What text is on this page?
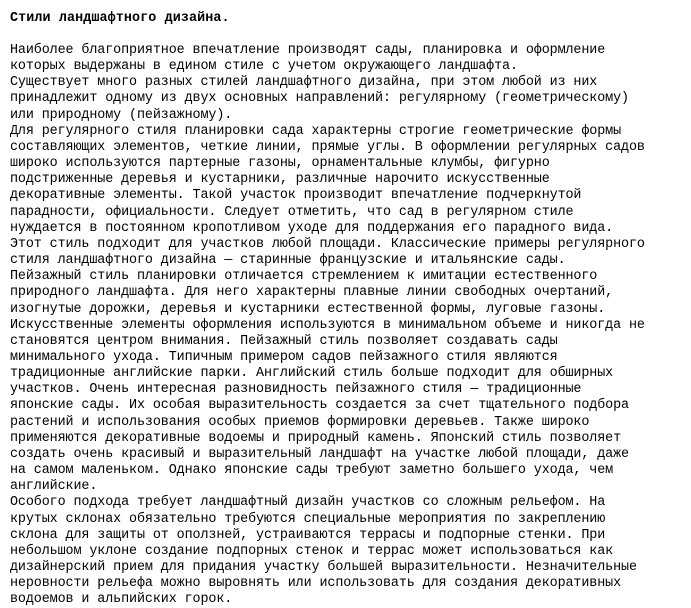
Стили ландшафтного дизайна.
Наиболее благоприятное впечатление производят сады, планировка и оформление
которых выдержаны в едином стиле с учетом окружающего ландшафта.
Существует много разных стилей ландшафтного дизайна, при этом любой из них
принадлежит одному из двух основных направлений: регулярному (геометрическому)
или природному (пейзажному).
Для регулярного стиля планировки сада характерны строгие геометрические формы
составляющих элементов, четкие линии, прямые углы. В оформлении регулярных садов
широко используются партерные газоны, орнаментальные клумбы, фигурно
подстриженные деревья и кустарники, различные нарочито искусственные
декоративные элементы. Такой участок производит впечатление подчеркнутой
парадности, официальности. Следует отметить, что сад в регулярном стиле
нуждается в постоянном кропотливом уходе для поддержания его парадного вида.
Этот стиль подходит для участков любой площади. Классические примеры регулярного
стиля ландшафтного дизайна — старинные французские и итальянские сады.
Пейзажный стиль планировки отличается стремлением к имитации естественного
природного ландшафта. Для него характерны плавные линии свободных очертаний,
изогнутые дорожки, деревья и кустарники естественной формы, луговые газоны.
Искусственные элементы оформления используются в минимальном объеме и никогда не
становятся центром внимания. Пейзажный стиль позволяет создавать сады
минимального ухода. Типичным примером садов пейзажного стиля являются
традиционные английские парки. Английский стиль больше подходит для обширных
участков. Очень интересная разновидность пейзажного стиля — традиционные
японские сады. Их особая выразительность создается за счет тщательного подбора
растений и использования особых приемов формировки деревьев. Также широко
применяются декоративные водоемы и природный камень. Японский стиль позволяет
создать очень красивый и выразительный ландшафт на участке любой площади, даже
на самом маленьком. Однако японские сады требуют заметно большего ухода, чем
английские.
Особого подхода требует ландшафтный дизайн участков со сложным рельефом. На
крутых склонах обязательно требуются специальные мероприятия по закреплению
склона для защиты от оползней, устраиваются террасы и подпорные стенки. При
небольшом уклоне создание подпорных стенок и террас может использоваться как
дизайнерский прием для придания участку большей выразительности. Незначительные
неровности рельефа можно выровнять или использовать для создания декоративных
водоемов и альпийских горок.
